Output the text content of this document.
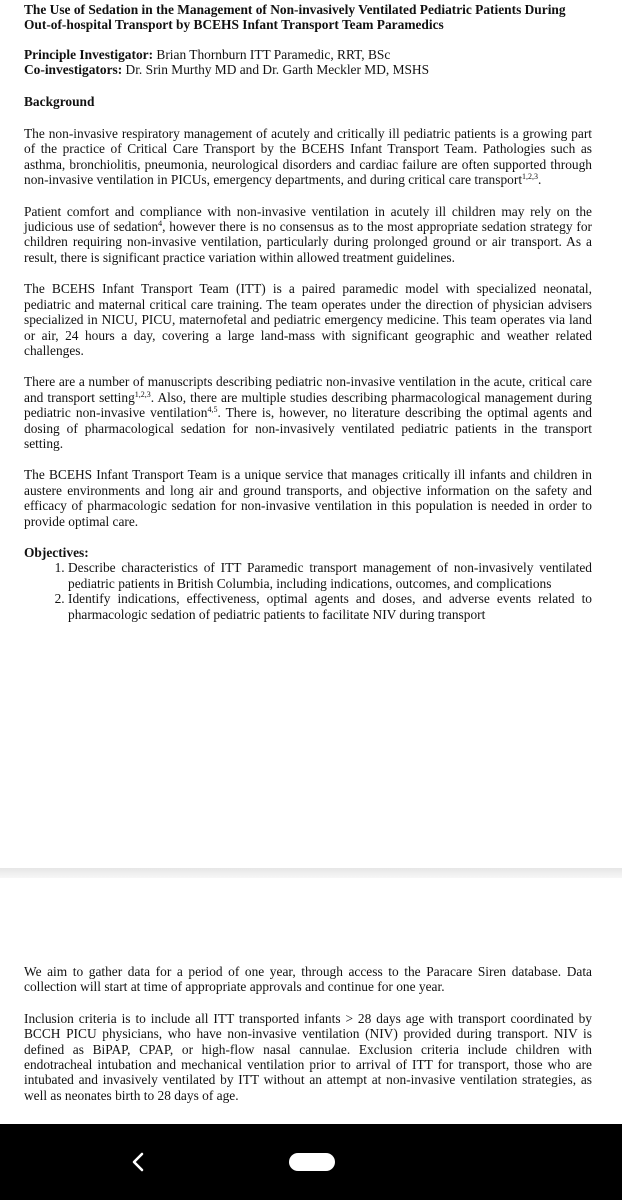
The Use of Sedation in the Management of Non-invasively Ventilated Pediatric Patients During Out-of-hospital Transport by BCEHS Infant Transport Team Paramedics
Principle Investigator: Brian Thornburn ITT Paramedic, RRT, BSc
Co-investigators: Dr. Srin Murthy MD and Dr. Garth Meckler MD, MSHS
Background

The non-invasive respiratory management of acutely and critically ill pediatric patients is a growing part of the practice of Critical Care Transport by the BCEHS Infant Transport Team. Pathologies such as asthma, bronchiolitis, pneumonia, neurological disorders and cardiac failure are often supported through non-invasive ventilation in PICUs, emergency departments, and during critical care transport$^{1,2,3}$.

Patient comfort and compliance with non-invasive ventilation in acutely ill children may rely on the judicious use of sedation$^4$, however there is no consensus as to the most appropriate sedation strategy for children requiring non-invasive ventilation, particularly during prolonged ground or air transport. As a result, there is significant practice variation within allowed treatment guidelines.

The BCEHS Infant Transport Team (ITT) is a paired paramedic model with specialized neonatal, pediatric and maternal critical care training. The team operates under the direction of physician advisers specialized in NICU, PICU, maternofetal and pediatric emergency medicine. This team operates via land or air, 24 hours a day, covering a large land-mass with significant geographic and weather related challenges.

There are a number of manuscripts describing pediatric non-invasive ventilation in the acute, critical care and transport setting$^{1,2,3}$. Also, there are multiple studies describing pharmacological management during pediatric non-invasive ventilation$^{4,5}$. There is, however, no literature describing the optimal agents and dosing of pharmacological sedation for non-invasively ventilated pediatric patients in the transport setting.

The BCEHS Infant Transport Team is a unique service that manages critically ill infants and children in austere environments and long air and ground transports, and objective information on the safety and efficacy of pharmacologic sedation for non-invasive ventilation in this population is needed in order to provide optimal care.

Objectives:
1. Describe characteristics of ITT Paramedic transport management of non-invasively ventilated pediatric patients in British Columbia, including indications, outcomes, and complications
2. Identify indications, effectiveness, optimal agents and doses, and adverse events related to pharmacologic sedation of pediatric patients to facilitate NIV during transport

We aim to gather data for a period of one year, through access to the Paracare Siren database. Data collection will start at time of appropriate approvals and continue for one year.

Inclusion criteria is to include all ITT transported infants > 28 days age with transport coordinated by BCCH PICU physicians, who have non-invasive ventilation (NIV) provided during transport. NIV is defined as BiPAP, CPAP, or high-flow nasal cannulae. Exclusion criteria include children with endotracheal intubation and mechanical ventilation prior to arrival of ITT for transport, those who are intubated and invasively ventilated by ITT without an attempt at non-invasive ventilation strategies, as well as neonates birth to 28 days of age.
